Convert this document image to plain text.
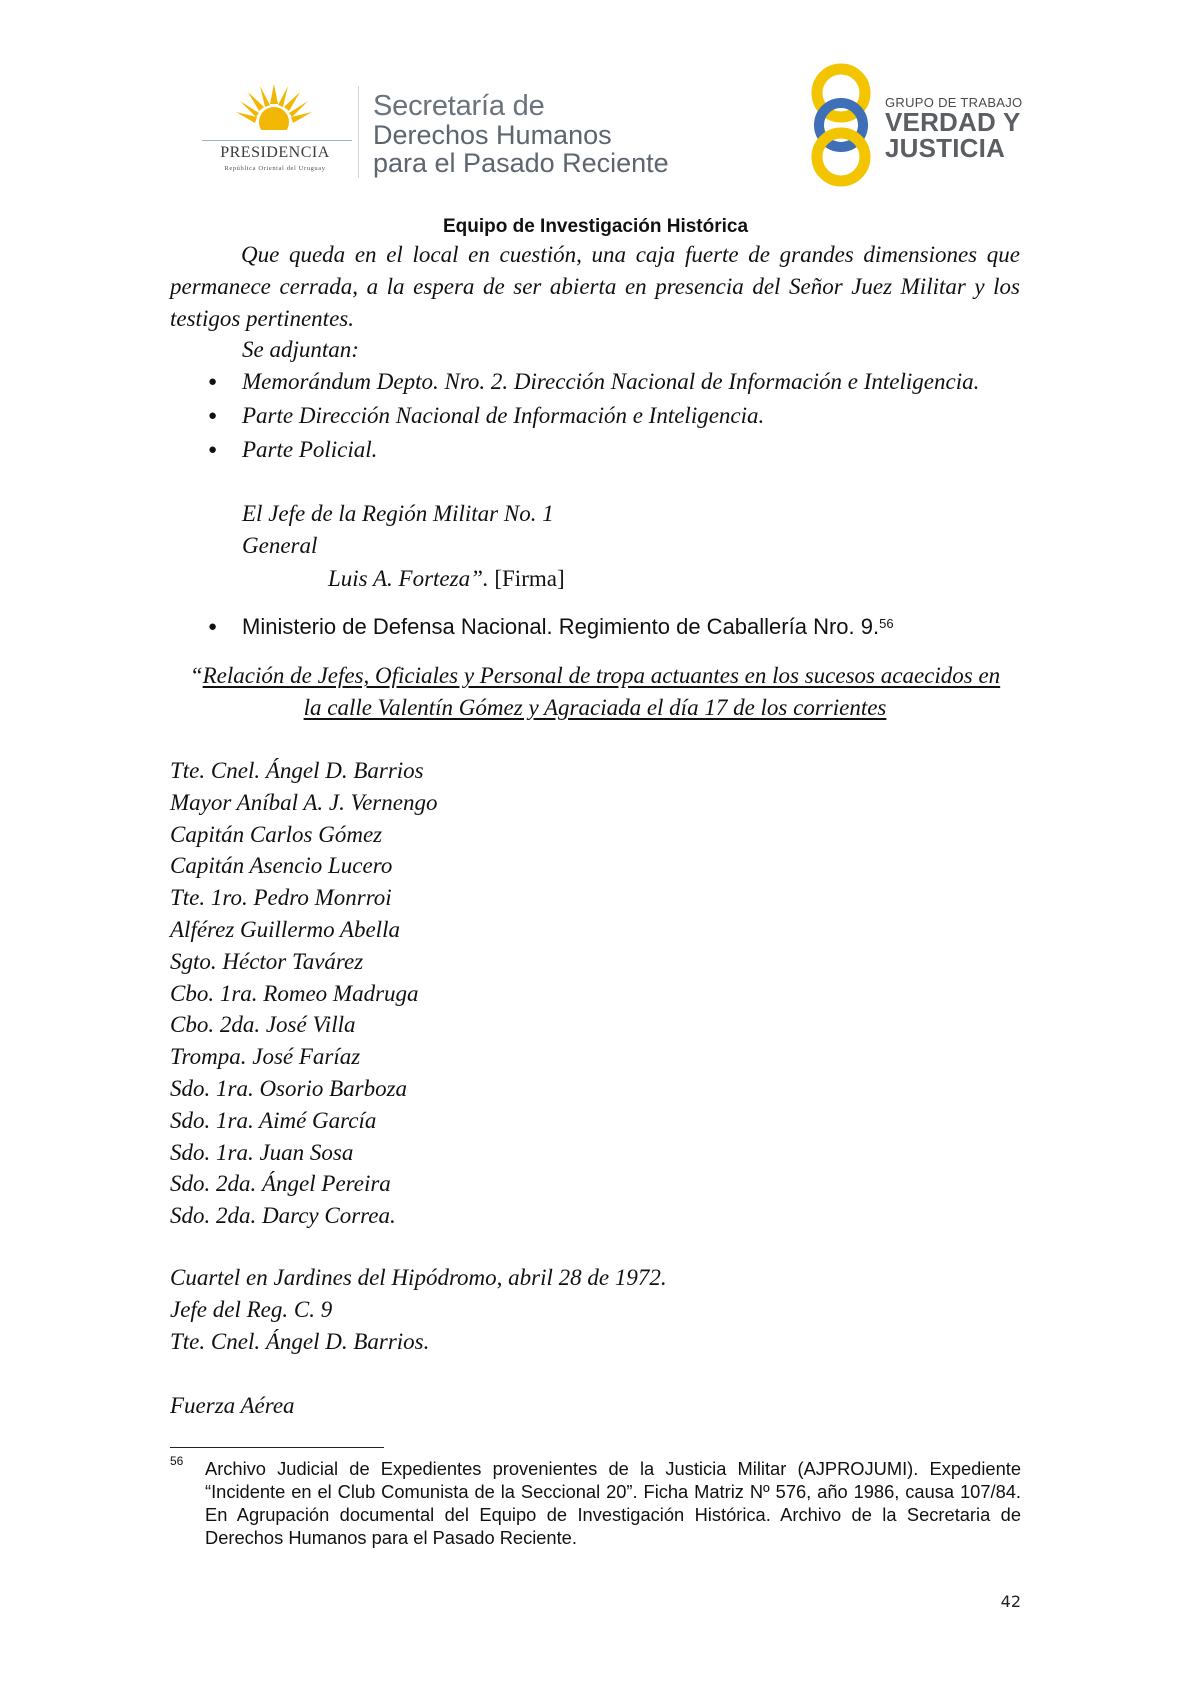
PRESIDENCIA
República Oriental del Uruguay
Secretaría de
Derechos Humanos
para el Pasado Reciente
GRUPO DE TRABAJO
VERDAD Y
JUSTICIA
Equipo de Investigación Histórica
Que queda en el local en cuestión, una caja fuerte de grandes dimensiones que permanece cerrada, a la espera de ser abierta en presencia del Señor Juez Militar y los testigos pertinentes.
Se adjuntan:
● Memorándum Depto. Nro. 2. Dirección Nacional de Información e Inteligencia.
● Parte Dirección Nacional de Información e Inteligencia.
● Parte Policial.
El Jefe de la Región Militar No. 1
General
Luis A. Forteza”. [Firma]
● Ministerio de Defensa Nacional. Regimiento de Caballería Nro. 9.56
“Relación de Jefes, Oficiales y Personal de tropa actuantes en los sucesos acaecidos en
la calle Valentín Gómez y Agraciada el día 17 de los corrientes
Tte. Cnel. Ángel D. Barrios
Mayor Aníbal A. J. Vernengo
Capitán Carlos Gómez
Capitán Asencio Lucero
Tte. 1ro. Pedro Monrroi
Alférez Guillermo Abella
Sgto. Héctor Tavárez
Cbo. 1ra. Romeo Madruga
Cbo. 2da. José Villa
Trompa. José Faríaz
Sdo. 1ra. Osorio Barboza
Sdo. 1ra. Aimé García
Sdo. 1ra. Juan Sosa
Sdo. 2da. Ángel Pereira
Sdo. 2da. Darcy Correa.
Cuartel en Jardines del Hipódromo, abril 28 de 1972.
Jefe del Reg. C. 9
Tte. Cnel. Ángel D. Barrios.
Fuerza Aérea
56 Archivo Judicial de Expedientes provenientes de la Justicia Militar (AJPROJUMI). Expediente “Incidente en el Club Comunista de la Seccional 20”. Ficha Matriz Nº 576, año 1986, causa 107/84. En Agrupación documental del Equipo de Investigación Histórica. Archivo de la Secretaria de Derechos Humanos para el Pasado Reciente.
42
